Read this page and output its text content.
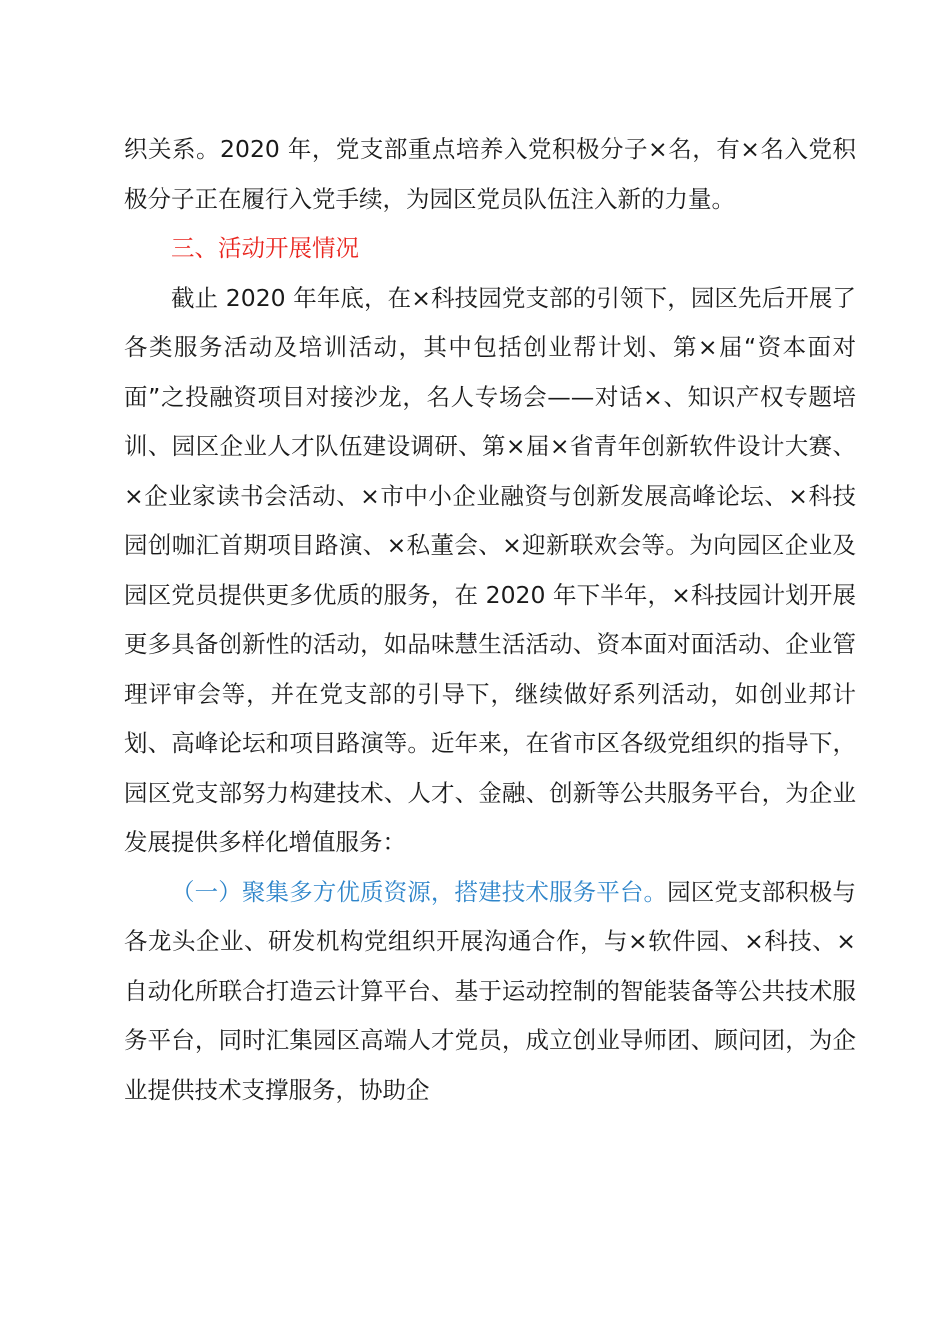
织关系。2020 年，党支部重点培养入党积极分子×名，有×名入党积极分子正在履行入党手续，为园区党员队伍注入新的力量。

三、活动开展情况

截止 2020 年年底，在×科技园党支部的引领下，园区先后开展了各类服务活动及培训活动，其中包括创业帮计划、第×届“资本面对面”之投融资项目对接沙龙，名人专场会——对话×、知识产权专题培训、园区企业人才队伍建设调研、第×届×省青年创新软件设计大赛、×企业家读书会活动、×市中小企业融资与创新发展高峰论坛、×科技园创咖汇首期项目路演、×私董会、×迎新联欢会等。为向园区企业及园区党员提供更多优质的服务，在 2020 年下半年，×科技园计划开展更多具备创新性的活动，如品味慧生活活动、资本面对面活动、企业管理评审会等，并在党支部的引导下，继续做好系列活动，如创业邦计划、高峰论坛和项目路演等。近年来，在省市区各级党组织的指导下，园区党支部努力构建技术、人才、金融、创新等公共服务平台，为企业发展提供多样化增值服务：

（一）聚集多方优质资源，搭建技术服务平台。园区党支部积极与各龙头企业、研发机构党组织开展沟通合作，与×软件园、×科技、×自动化所联合打造云计算平台、基于运动控制的智能装备等公共技术服务平台，同时汇集园区高端人才党员，成立创业导师团、顾问团，为企业提供技术支撑服务，协助企
